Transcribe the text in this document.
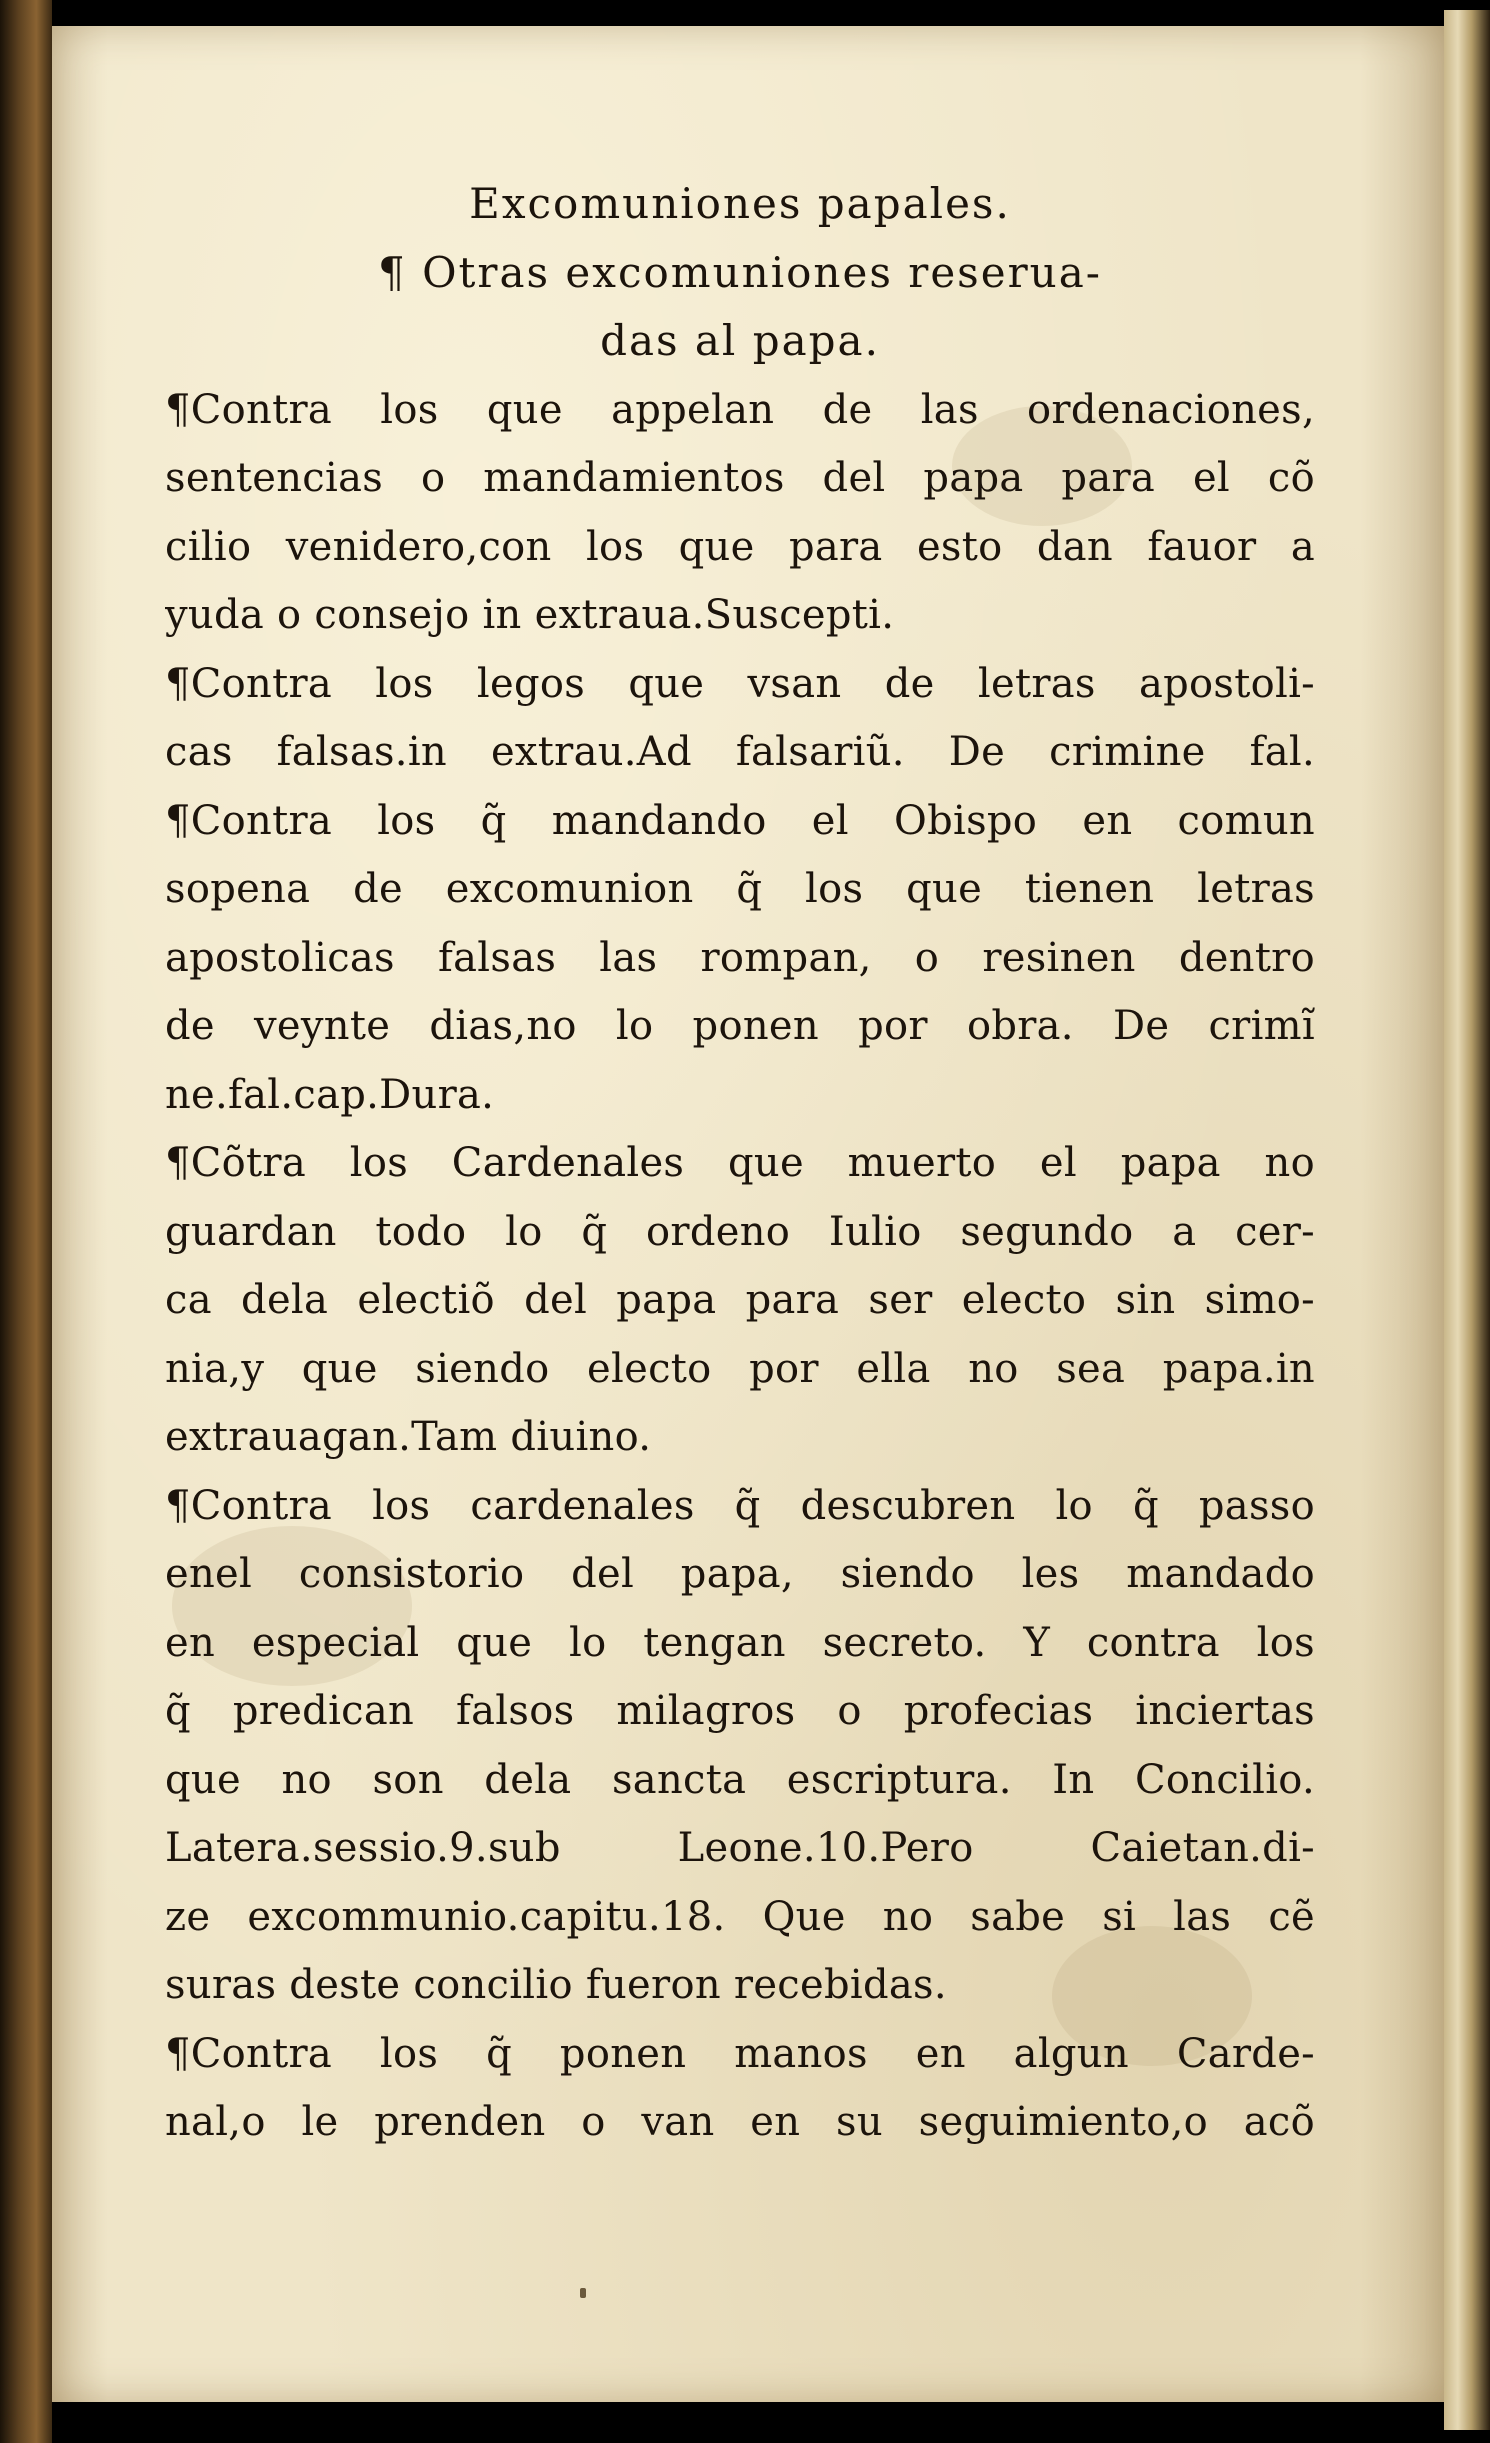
Excomuniones papales.
¶ Otras excomuniones reserua-
das al papa.
¶Contra los que appelan de las ordenaciones,
sentencias o mandamientos del papa para el cõ
cilio venidero,con los que para esto dan fauor a
yuda o consejo in extraua.Suscepti.
¶Contra los legos que vsan de letras apostoli-
cas falsas.in extrau.Ad falsariũ. De crimine fal.
¶Contra los q̃ mandando el Obispo en comun
sopena de excomunion q̃ los que tienen letras
apostolicas falsas las rompan, o resinen dentro
de veynte dias,no lo ponen por obra. De crimĩ
ne.fal.cap.Dura.
¶Cõtra los Cardenales que muerto el papa no
guardan todo lo q̃ ordeno Iulio segundo a cer-
ca dela electiõ del papa para ser electo sin simo-
nia,y que siendo electo por ella no sea papa.in
extrauagan.Tam diuino.
¶Contra los cardenales q̃ descubren lo q̃ passo
enel consistorio del papa, siendo les mandado
en especial que lo tengan secreto. Y contra los
q̃ predican falsos milagros o profecias inciertas
que no son dela sancta escriptura. In Concilio.
Latera.sessio.9.sub Leone.10.Pero Caietan.di-
ze excommunio.capitu.18. Que no sabe si las cẽ
suras deste concilio fueron recebidas.
¶Contra los q̃ ponen manos en algun Carde-
nal,o le prenden o van en su seguimiento,o acõ
